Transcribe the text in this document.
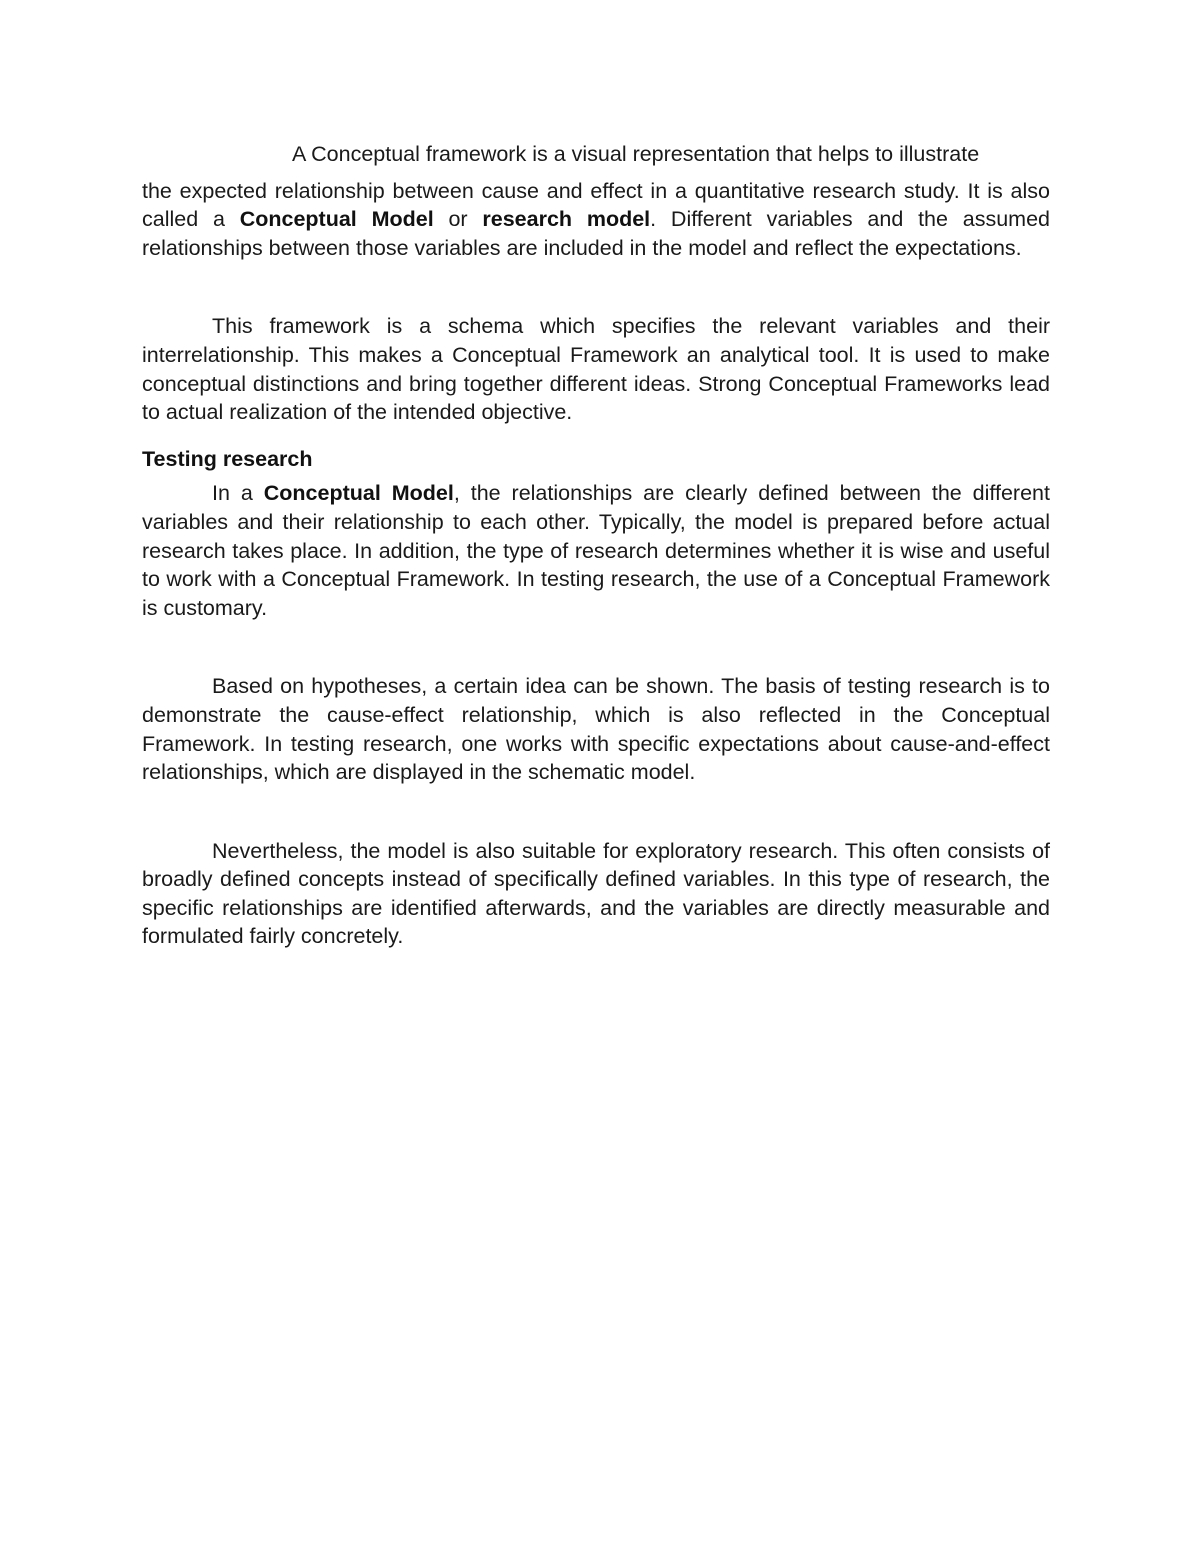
A Conceptual framework is a visual representation that helps to illustrate

the expected relationship between cause and effect in a quantitative research study. It is also called a Conceptual Model or research model. Different variables and the assumed relationships between those variables are included in the model and reflect the expectations.

This framework is a schema which specifies the relevant variables and their interrelationship. This makes a Conceptual Framework an analytical tool. It is used to make conceptual distinctions and bring together different ideas. Strong Conceptual Frameworks lead to actual realization of the intended objective.

Testing research

In a Conceptual Model, the relationships are clearly defined between the different variables and their relationship to each other. Typically, the model is prepared before actual research takes place. In addition, the type of research determines whether it is wise and useful to work with a Conceptual Framework. In testing research, the use of a Conceptual Framework is customary.

Based on hypotheses, a certain idea can be shown. The basis of testing research is to demonstrate the cause-effect relationship, which is also reflected in the Conceptual Framework. In testing research, one works with specific expectations about cause-and-effect relationships, which are displayed in the schematic model.

Nevertheless, the model is also suitable for exploratory research. This often consists of broadly defined concepts instead of specifically defined variables. In this type of research, the specific relationships are identified afterwards, and the variables are directly measurable and formulated fairly concretely.
